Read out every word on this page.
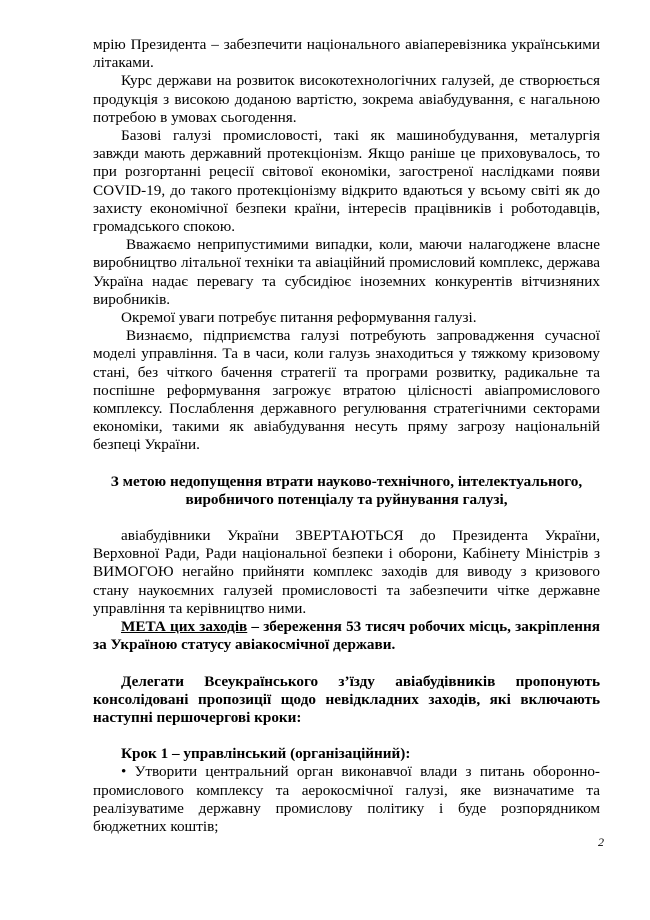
мрію Президента – забезпечити національного авіаперевізника українськими літаками.

Курс держави на розвиток високотехнологічних галузей, де створюється продукція з високою доданою вартістю, зокрема авіабудування, є нагальною потребою в умовах сьогодення.

Базові галузі промисловості, такі як машинобудування, металургія завжди мають державний протекціонізм. Якщо раніше це приховувалось, то при розгортанні рецесії світової економіки, загостреної наслідками появи COVID-19, до такого протекціонізму відкрито вдаються у всьому світі як до захисту економічної безпеки країни, інтересів працівників і роботодавців, громадського спокою.

Вважаємо неприпустимими випадки, коли, маючи налагоджене власне виробництво літальної техніки та авіаційний промисловий комплекс, держава Україна надає перевагу та субсидіює іноземних конкурентів вітчизняних виробників.

Окремої уваги потребує питання реформування галузі.

Визнаємо, підприємства галузі потребують запровадження сучасної моделі управління. Та в часи, коли галузь знаходиться у тяжкому кризовому стані, без чіткого бачення стратегії та програми розвитку, радикальне та поспішне реформування загрожує втратою цілісності авіапромислового комплексу. Послаблення державного регулювання стратегічними секторами економіки, такими як авіабудування несуть пряму загрозу національній безпеці України.

З метою недопущення втрати науково-технічного, інтелектуального, виробничого потенціалу та руйнування галузі,

авіабудівники України ЗВЕРТАЮТЬСЯ до Президента України, Верховної Ради, Ради національної безпеки і оборони, Кабінету Міністрів з ВИМОГОЮ негайно прийняти комплекс заходів для виводу з кризового стану наукоємних галузей промисловості та забезпечити чітке державне управління та керівництво ними.

МЕТА цих заходів – збереження 53 тисяч робочих місць, закріплення за Україною статусу авіакосмічної держави.

Делегати Всеукраїнського з’їзду авіабудівників пропонують консолідовані пропозиції щодо невідкладних заходів, які включають наступні першочергові кроки:

Крок 1 – управлінський (організаційний):

• Утворити центральний орган виконавчої влади з питань оборонно-промислового комплексу та аерокосмічної галузі, яке визначатиме та реалізуватиме державну промислову політику і буде розпорядником бюджетних коштів;

2
